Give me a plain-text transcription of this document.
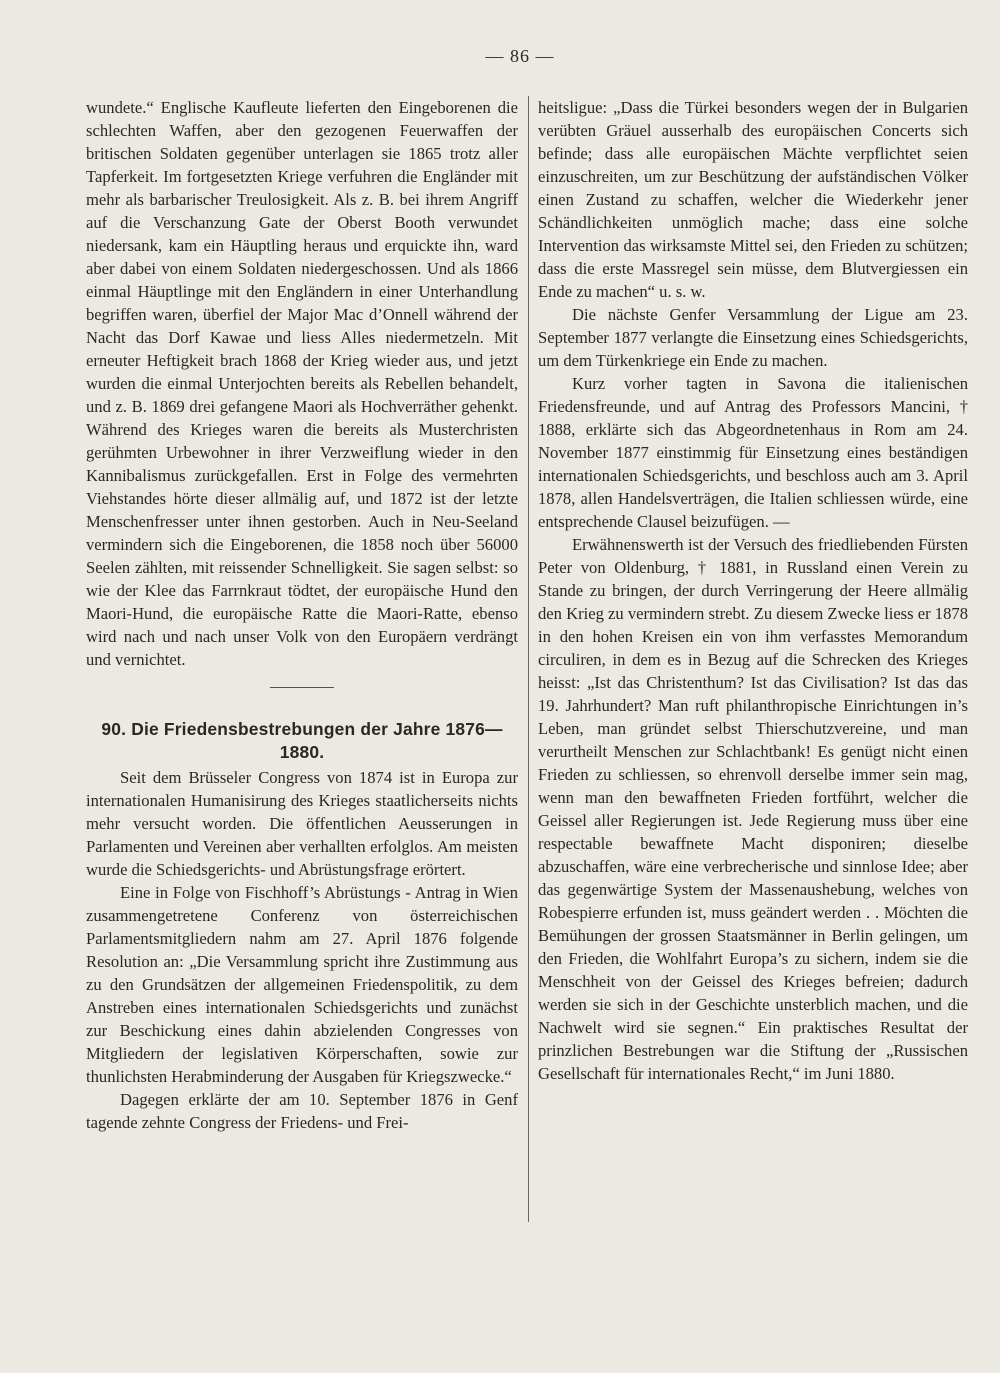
— 86 —

wundete.“ Englische Kaufleute lieferten den Eingeborenen die schlechten Waffen, aber den gezogenen Feuerwaffen der britischen Soldaten gegenüber unterlagen sie 1865 trotz aller Tapferkeit. Im fortgesetzten Kriege verfuhren die Engländer mit mehr als barbarischer Treulosigkeit. Als z. B. bei ihrem Angriff auf die Verschanzung Gate der Oberst Booth verwundet niedersank, kam ein Häuptling heraus und erquickte ihn, ward aber dabei von einem Soldaten niedergeschossen. Und als 1866 einmal Häuptlinge mit den Engländern in einer Unterhandlung begriffen waren, überfiel der Major Mac d’Onnell während der Nacht das Dorf Kawae und liess Alles niedermetzeln. Mit erneuter Heftigkeit brach 1868 der Krieg wieder aus, und jetzt wurden die einmal Unterjochten bereits als Rebellen behandelt, und z. B. 1869 drei gefangene Maori als Hochverräther gehenkt. Während des Krieges waren die bereits als Musterchristen gerühmten Urbewohner in ihrer Verzweiflung wieder in den Kannibalismus zurückgefallen. Erst in Folge des vermehrten Viehstandes hörte dieser allmälig auf, und 1872 ist der letzte Menschenfresser unter ihnen gestorben. Auch in Neu-Seeland vermindern sich die Eingeborenen, die 1858 noch über 56000 Seelen zählten, mit reissender Schnelligkeit. Sie sagen selbst: so wie der Klee das Farrnkraut tödtet, der europäische Hund den Maori-Hund, die europäische Ratte die Maori-Ratte, ebenso wird nach und nach unser Volk von den Europäern verdrängt und vernichtet.

90. Die Friedensbestrebungen der Jahre 1876—1880.

Seit dem Brüsseler Congress von 1874 ist in Europa zur internationalen Humanisirung des Krieges staatlicherseits nichts mehr versucht worden. Die öffentlichen Aeusserungen in Parlamenten und Vereinen aber verhallten erfolglos. Am meisten wurde die Schiedsgerichts- und Abrüstungsfrage erörtert.

Eine in Folge von Fischhoff’s Abrüstungs - Antrag in Wien zusammengetretene Conferenz von österreichischen Parlamentsmitgliedern nahm am 27. April 1876 folgende Resolution an: „Die Versammlung spricht ihre Zustimmung aus zu den Grundsätzen der allgemeinen Friedenspolitik, zu dem Anstreben eines internationalen Schiedsgerichts und zunächst zur Beschickung eines dahin abzielenden Congresses von Mitgliedern der legislativen Körperschaften, sowie zur thunlichsten Herabminderung der Ausgaben für Kriegszwecke.“

Dagegen erklärte der am 10. September 1876 in Genf tagende zehnte Congress der Friedens- und Frei-

heitsligue: „Dass die Türkei besonders wegen der in Bulgarien verübten Gräuel ausserhalb des europäischen Concerts sich befinde; dass alle europäischen Mächte verpflichtet seien einzuschreiten, um zur Beschützung der aufständischen Völker einen Zustand zu schaffen, welcher die Wiederkehr jener Schändlichkeiten unmöglich mache; dass eine solche Intervention das wirksamste Mittel sei, den Frieden zu schützen; dass die erste Massregel sein müsse, dem Blutvergiessen ein Ende zu machen“ u. s. w.

Die nächste Genfer Versammlung der Ligue am 23. September 1877 verlangte die Einsetzung eines Schiedsgerichts, um dem Türkenkriege ein Ende zu machen.

Kurz vorher tagten in Savona die italienischen Friedensfreunde, und auf Antrag des Professors Mancini, † 1888, erklärte sich das Abgeordnetenhaus in Rom am 24. November 1877 einstimmig für Einsetzung eines beständigen internationalen Schiedsgerichts, und beschloss auch am 3. April 1878, allen Handelsverträgen, die Italien schliessen würde, eine entsprechende Clausel beizufügen. —

Erwähnenswerth ist der Versuch des friedliebenden Fürsten Peter von Oldenburg, † 1881, in Russland einen Verein zu Stande zu bringen, der durch Verringerung der Heere allmälig den Krieg zu vermindern strebt. Zu diesem Zwecke liess er 1878 in den hohen Kreisen ein von ihm verfasstes Memorandum circuliren, in dem es in Bezug auf die Schrecken des Krieges heisst: „Ist das Christenthum? Ist das Civilisation? Ist das das 19. Jahrhundert? Man ruft philanthropische Einrichtungen in’s Leben, man gründet selbst Thierschutzvereine, und man verurtheilt Menschen zur Schlachtbank! Es genügt nicht einen Frieden zu schliessen, so ehrenvoll derselbe immer sein mag, wenn man den bewaffneten Frieden fortführt, welcher die Geissel aller Regierungen ist. Jede Regierung muss über eine respectable bewaffnete Macht disponiren; dieselbe abzuschaffen, wäre eine verbrecherische und sinnlose Idee; aber das gegenwärtige System der Massenaushebung, welches von Robespierre erfunden ist, muss geändert werden . . Möchten die Bemühungen der grossen Staatsmänner in Berlin gelingen, um den Frieden, die Wohlfahrt Europa’s zu sichern, indem sie die Menschheit von der Geissel des Krieges befreien; dadurch werden sie sich in der Geschichte unsterblich machen, und die Nachwelt wird sie segnen.“ Ein praktisches Resultat der prinzlichen Bestrebungen war die Stiftung der „Russischen Gesellschaft für internationales Recht,“ im Juni 1880.
